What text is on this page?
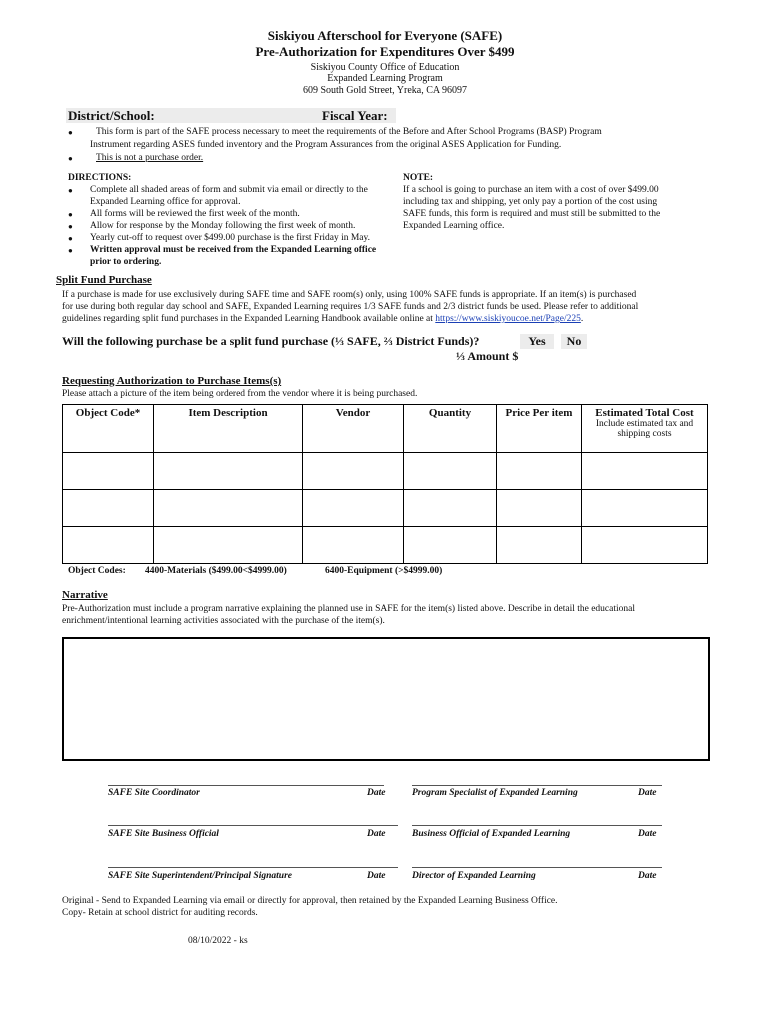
Siskiyou Afterschool for Everyone (SAFE)
Pre-Authorization for Expenditures Over $499
Siskiyou County Office of Education
Expanded Learning Program
609 South Gold Street, Yreka, CA 96097
District/School:	Fiscal Year:
● This form is part of the SAFE process necessary to meet the requirements of the Before and After School Programs (BASP) Program
Instrument regarding ASES funded inventory and the Program Assurances from the original ASES Application for Funding.
● This is not a purchase order.
DIRECTIONS:
● Complete all shaded areas of form and submit via email or directly to the
Expanded Learning office for approval.
● All forms will be reviewed the first week of the month.
● Allow for response by the Monday following the first week of month.
● Yearly cut-off to request over $499.00 purchase is the first Friday in May.
● Written approval must be received from the Expanded Learning office
prior to ordering.
NOTE:
If a school is going to purchase an item with a cost of over $499.00
including tax and shipping, yet only pay a portion of the cost using
SAFE funds, this form is required and must still be submitted to the
Expanded Learning office.
Split Fund Purchase
If a purchase is made for use exclusively during SAFE time and SAFE room(s) only, using 100% SAFE funds is appropriate. If an item(s) is purchased
for use during both regular day school and SAFE, Expanded Learning requires 1/3 SAFE funds and 2/3 district funds be used. Please refer to additional
guidelines regarding split fund purchases in the Expanded Learning Handbook available online at https://www.siskiyoucoe.net/Page/225.
Will the following purchase be a split fund purchase (⅓ SAFE, ⅔ District Funds)?	Yes	No
⅓ Amount $
Requesting Authorization to Purchase Items(s)
Please attach a picture of the item being ordered from the vendor where it is being purchased.
Object Code*	Item Description	Vendor	Quantity	Price Per item	Estimated Total Cost
Include estimated tax and
shipping costs

Object Codes: 4400-Materials ($499.00<$4999.00)	6400-Equipment (>$4999.00)
Narrative
Pre-Authorization must include a program narrative explaining the planned use in SAFE for the item(s) listed above. Describe in detail the educational
enrichment/intentional learning activities associated with the purchase of the item(s).
SAFE Site Coordinator	Date	Program Specialist of Expanded Learning	Date
SAFE Site Business Official	Date	Business Official of Expanded Learning	Date
SAFE Site Superintendent/Principal Signature	Date	Director of Expanded Learning	Date
Original - Send to Expanded Learning via email or directly for approval, then retained by the Expanded Learning Business Office.
Copy- Retain at school district for auditing records.
08/10/2022 - ks
